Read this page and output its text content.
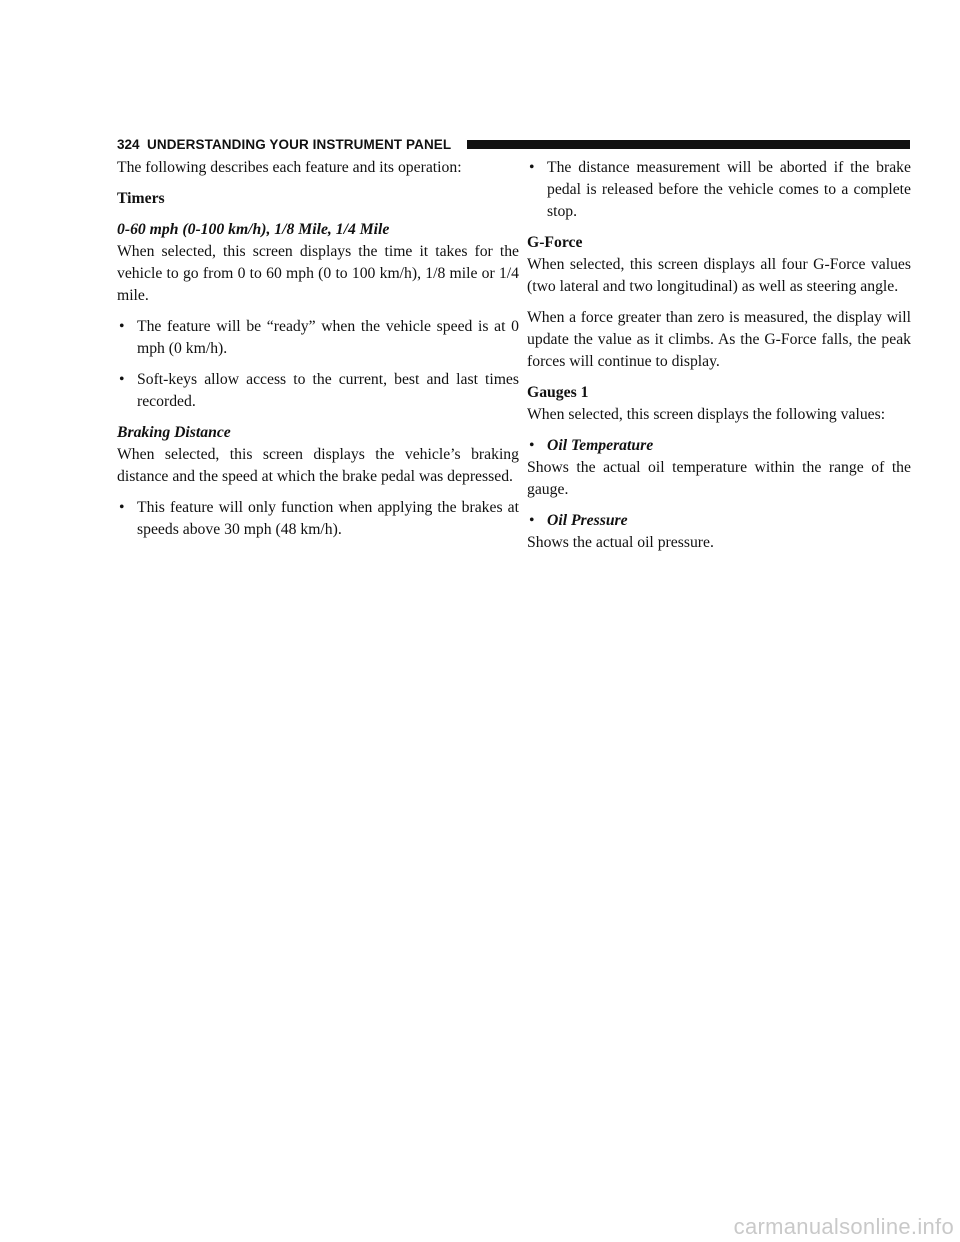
324 UNDERSTANDING YOUR INSTRUMENT PANEL

The following describes each feature and its operation:

Timers

0-60 mph (0-100 km/h), 1/8 Mile, 1/4 Mile

When selected, this screen displays the time it takes for the vehicle to go from 0 to 60 mph (0 to 100 km/h), 1/8 mile or 1/4 mile.

• The feature will be “ready” when the vehicle speed is at 0 mph (0 km/h).
• Soft-keys allow access to the current, best and last times recorded.

Braking Distance

When selected, this screen displays the vehicle’s braking distance and the speed at which the brake pedal was depressed.

• This feature will only function when applying the brakes at speeds above 30 mph (48 km/h).
• The distance measurement will be aborted if the brake pedal is released before the vehicle comes to a complete stop.

G-Force

When selected, this screen displays all four G-Force values (two lateral and two longitudinal) as well as steering angle.

When a force greater than zero is measured, the display will update the value as it climbs. As the G-Force falls, the peak forces will continue to display.

Gauges 1

When selected, this screen displays the following values:

• Oil Temperature

Shows the actual oil temperature within the range of the gauge.

• Oil Pressure

Shows the actual oil pressure.

carmanualsonline.info
